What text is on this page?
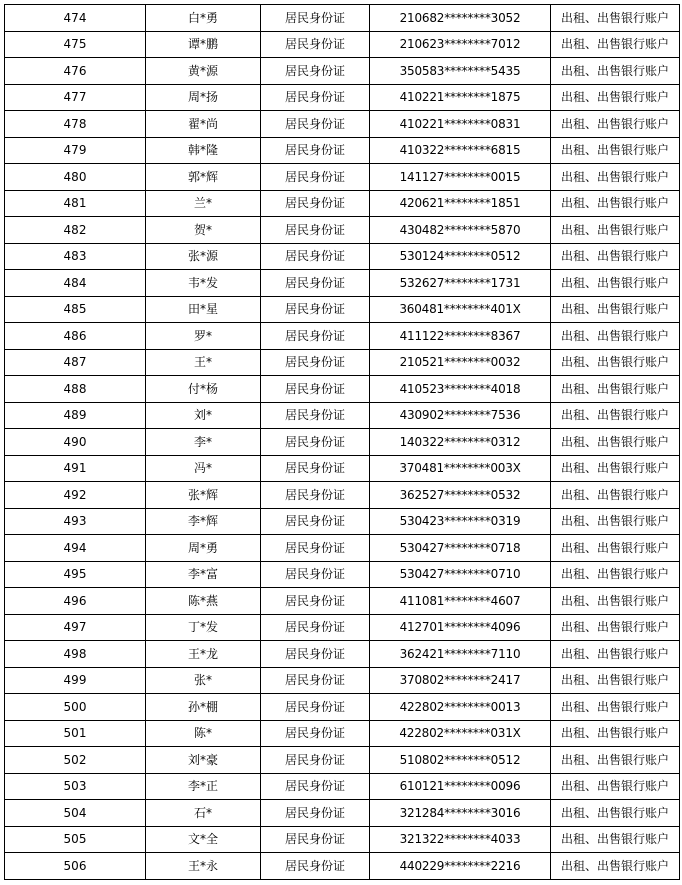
474	白*勇	居民身份证	210682********3052	出租、出售银行账户
475	谭*鹏	居民身份证	210623********7012	出租、出售银行账户
476	黄*源	居民身份证	350583********5435	出租、出售银行账户
477	周*扬	居民身份证	410221********1875	出租、出售银行账户
478	翟*尚	居民身份证	410221********0831	出租、出售银行账户
479	韩*隆	居民身份证	410322********6815	出租、出售银行账户
480	郭*辉	居民身份证	141127********0015	出租、出售银行账户
481	兰*	居民身份证	420621********1851	出租、出售银行账户
482	贺*	居民身份证	430482********5870	出租、出售银行账户
483	张*源	居民身份证	530124********0512	出租、出售银行账户
484	韦*发	居民身份证	532627********1731	出租、出售银行账户
485	田*星	居民身份证	360481********401X	出租、出售银行账户
486	罗*	居民身份证	411122********8367	出租、出售银行账户
487	王*	居民身份证	210521********0032	出租、出售银行账户
488	付*杨	居民身份证	410523********4018	出租、出售银行账户
489	刘*	居民身份证	430902********7536	出租、出售银行账户
490	李*	居民身份证	140322********0312	出租、出售银行账户
491	冯*	居民身份证	370481********003X	出租、出售银行账户
492	张*辉	居民身份证	362527********0532	出租、出售银行账户
493	李*辉	居民身份证	530423********0319	出租、出售银行账户
494	周*勇	居民身份证	530427********0718	出租、出售银行账户
495	李*富	居民身份证	530427********0710	出租、出售银行账户
496	陈*燕	居民身份证	411081********4607	出租、出售银行账户
497	丁*发	居民身份证	412701********4096	出租、出售银行账户
498	王*龙	居民身份证	362421********7110	出租、出售银行账户
499	张*	居民身份证	370802********2417	出租、出售银行账户
500	孙*棚	居民身份证	422802********0013	出租、出售银行账户
501	陈*	居民身份证	422802********031X	出租、出售银行账户
502	刘*豪	居民身份证	510802********0512	出租、出售银行账户
503	李*正	居民身份证	610121********0096	出租、出售银行账户
504	石*	居民身份证	321284********3016	出租、出售银行账户
505	文*全	居民身份证	321322********4033	出租、出售银行账户
506	王*永	居民身份证	440229********2216	出租、出售银行账户
